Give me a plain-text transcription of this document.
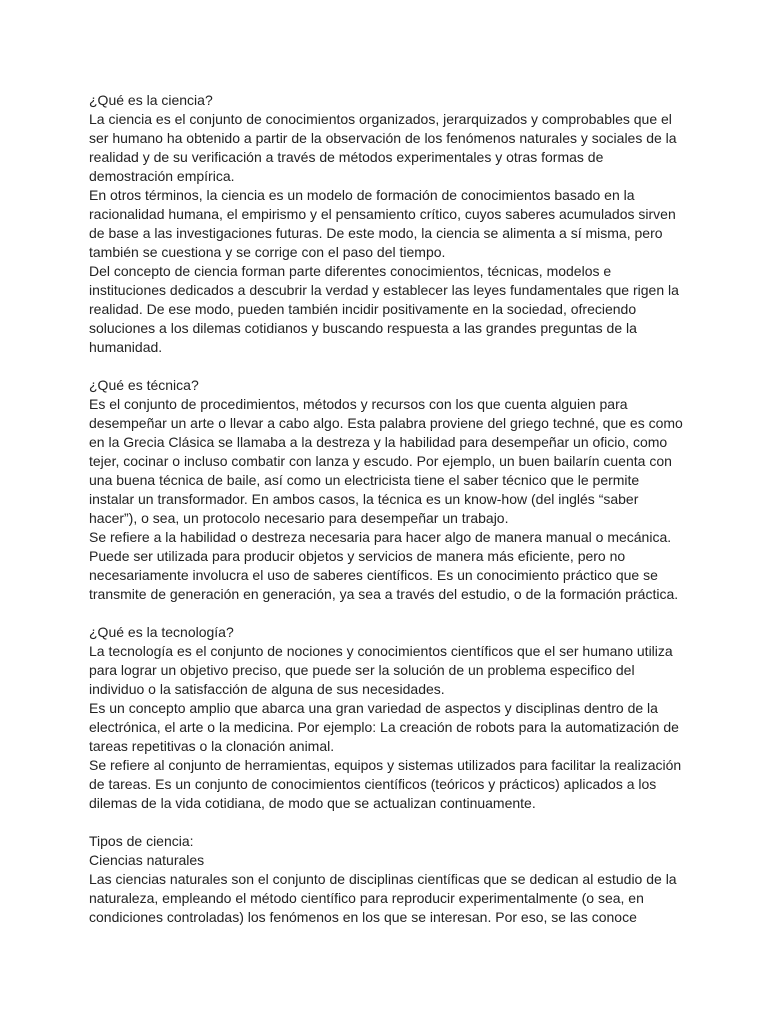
¿Qué es la ciencia?
La ciencia es el conjunto de conocimientos organizados, jerarquizados y comprobables que el
ser humano ha obtenido a partir de la observación de los fenómenos naturales y sociales de la
realidad y de su verificación a través de métodos experimentales y otras formas de
demostración empírica.
En otros términos, la ciencia es un modelo de formación de conocimientos basado en la
racionalidad humana, el empirismo y el pensamiento crítico, cuyos saberes acumulados sirven
de base a las investigaciones futuras. De este modo, la ciencia se alimenta a sí misma, pero
también se cuestiona y se corrige con el paso del tiempo.
Del concepto de ciencia forman parte diferentes conocimientos, técnicas, modelos e
instituciones dedicados a descubrir la verdad y establecer las leyes fundamentales que rigen la
realidad. De ese modo, pueden también incidir positivamente en la sociedad, ofreciendo
soluciones a los dilemas cotidianos y buscando respuesta a las grandes preguntas de la
humanidad.
¿Qué es técnica?
Es el conjunto de procedimientos, métodos y recursos con los que cuenta alguien para
desempeñar un arte o llevar a cabo algo. Esta palabra proviene del griego techné, que es como
en la Grecia Clásica se llamaba a la destreza y la habilidad para desempeñar un oficio, como
tejer, cocinar o incluso combatir con lanza y escudo. Por ejemplo, un buen bailarín cuenta con
una buena técnica de baile, así como un electricista tiene el saber técnico que le permite
instalar un transformador. En ambos casos, la técnica es un know-how (del inglés “saber
hacer”), o sea, un protocolo necesario para desempeñar un trabajo.
Se refiere a la habilidad o destreza necesaria para hacer algo de manera manual o mecánica.
Puede ser utilizada para producir objetos y servicios de manera más eficiente, pero no
necesariamente involucra el uso de saberes científicos. Es un conocimiento práctico que se
transmite de generación en generación, ya sea a través del estudio, o de la formación práctica.
¿Qué es la tecnología?
La tecnología es el conjunto de nociones y conocimientos científicos que el ser humano utiliza
para lograr un objetivo preciso, que puede ser la solución de un problema especifico del
individuo o la satisfacción de alguna de sus necesidades.
Es un concepto amplio que abarca una gran variedad de aspectos y disciplinas dentro de la
electrónica, el arte o la medicina. Por ejemplo: La creación de robots para la automatización de
tareas repetitivas o la clonación animal.
Se refiere al conjunto de herramientas, equipos y sistemas utilizados para facilitar la realización
de tareas. Es un conjunto de conocimientos científicos (teóricos y prácticos) aplicados a los
dilemas de la vida cotidiana, de modo que se actualizan continuamente.
Tipos de ciencia:
Ciencias naturales
Las ciencias naturales son el conjunto de disciplinas científicas que se dedican al estudio de la
naturaleza, empleando el método científico para reproducir experimentalmente (o sea, en
condiciones controladas) los fenómenos en los que se interesan. Por eso, se las conoce
